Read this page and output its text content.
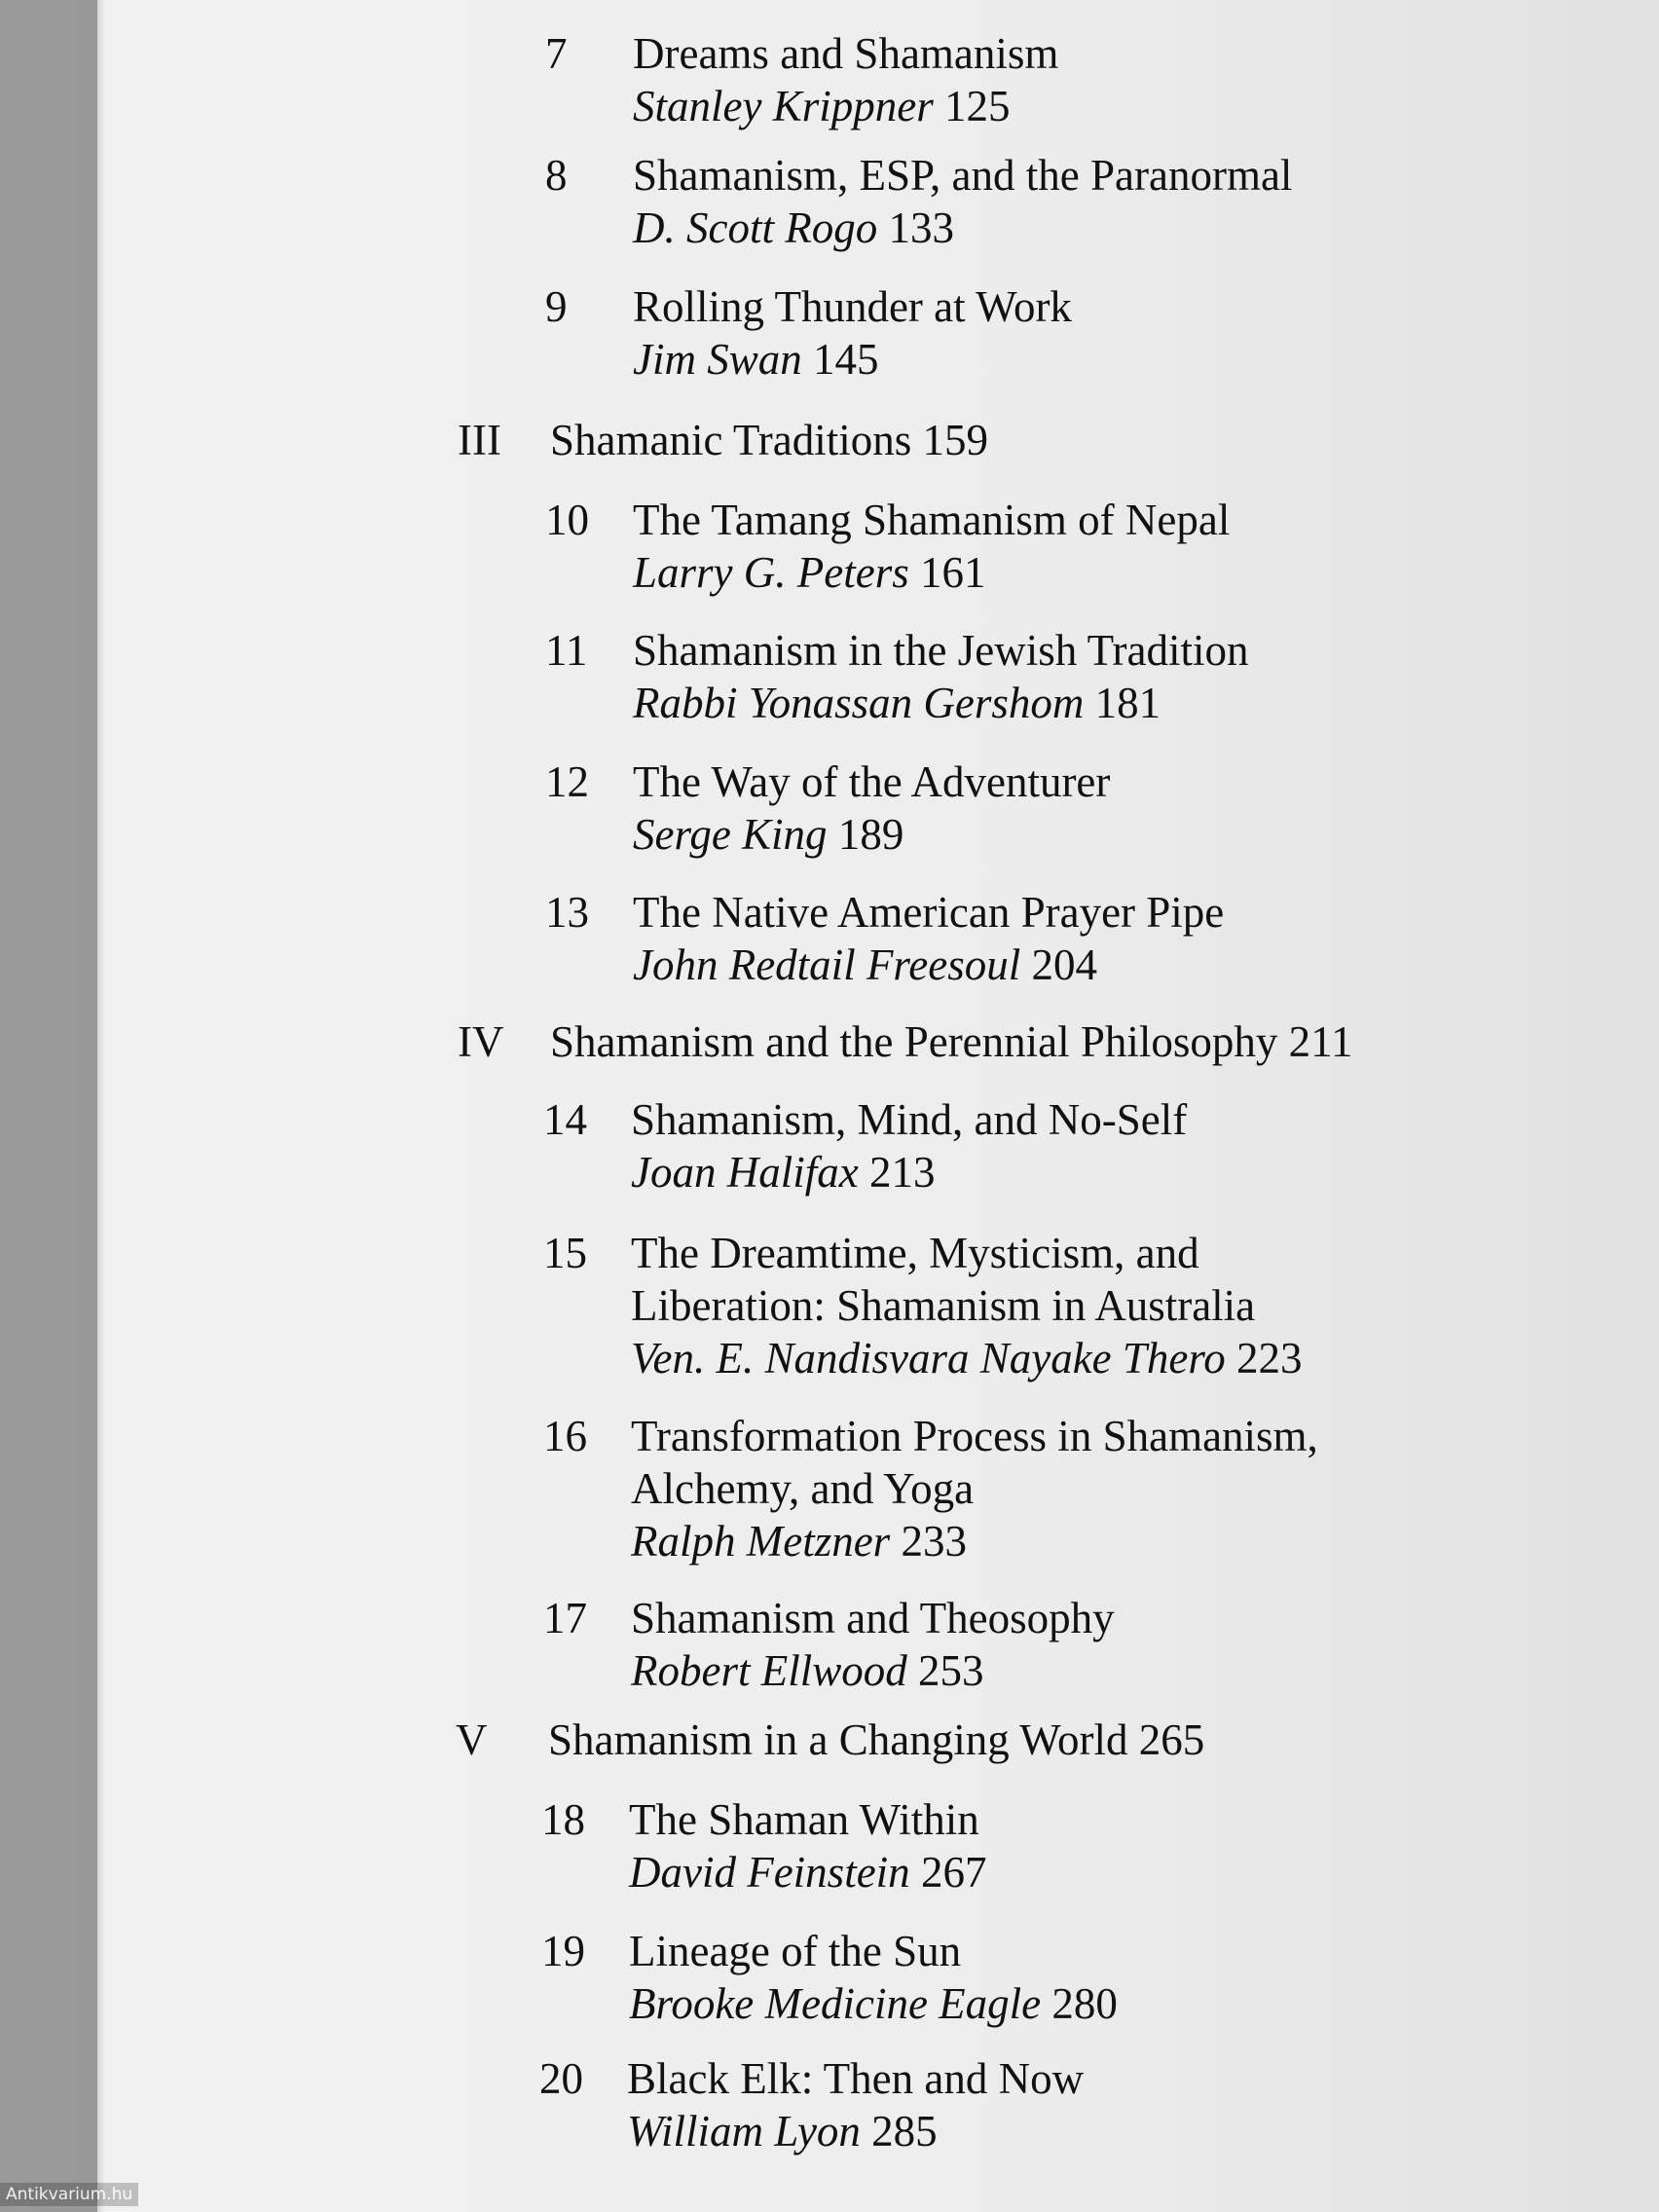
7	Dreams and Shamanism
Stanley Krippner 125
8	Shamanism, ESP, and the Paranormal
D. Scott Rogo 133
9	Rolling Thunder at Work
Jim Swan 145
III	Shamanic Traditions 159
10	The Tamang Shamanism of Nepal
Larry G. Peters 161
11	Shamanism in the Jewish Tradition
Rabbi Yonassan Gershom 181
12	The Way of the Adventurer
Serge King 189
13	The Native American Prayer Pipe
John Redtail Freesoul 204
IV	Shamanism and the Perennial Philosophy 211
14	Shamanism, Mind, and No-Self
Joan Halifax 213
15	The Dreamtime, Mysticism, and
Liberation: Shamanism in Australia
Ven. E. Nandisvara Nayake Thero 223
16	Transformation Process in Shamanism,
Alchemy, and Yoga
Ralph Metzner 233
17	Shamanism and Theosophy
Robert Ellwood 253
V	Shamanism in a Changing World 265
18	The Shaman Within
David Feinstein 267
19	Lineage of the Sun
Brooke Medicine Eagle 280
20	Black Elk: Then and Now
William Lyon 285
Antikvarium.hu
